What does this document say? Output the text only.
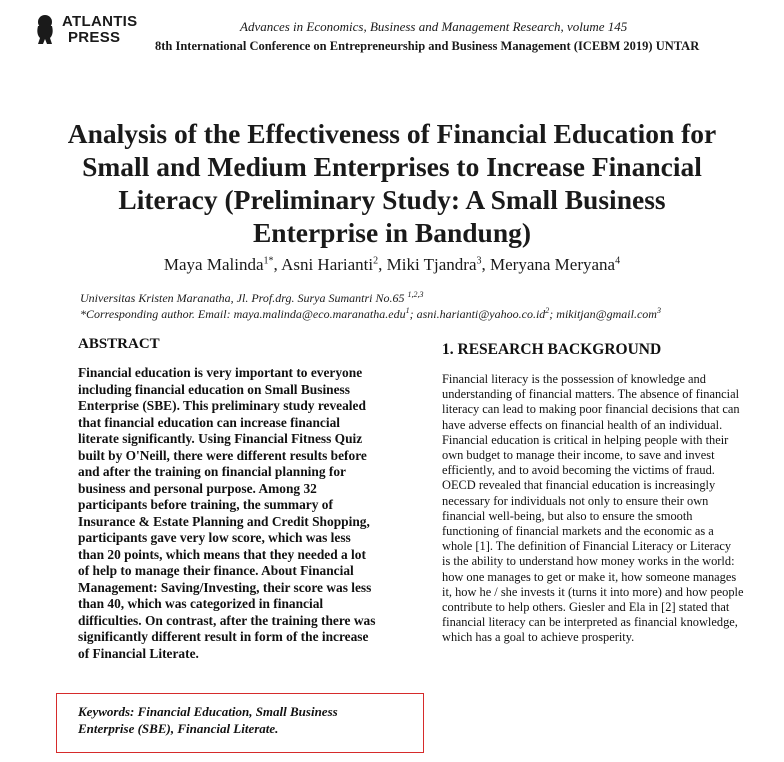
ATLANTIS
PRESS
Advances in Economics, Business and Management Research, volume 145
8th International Conference on Entrepreneurship and Business Management (ICEBM 2019) UNTAR
Analysis of the Effectiveness of Financial Education for
Small and Medium Enterprises to Increase Financial
Literacy (Preliminary Study: A Small Business
Enterprise in Bandung)
Maya Malinda$^{1*}$, Asni Harianti$^2$, Miki Tjandra$^3$, Meryana Meryana$^4$
Universitas Kristen Maranatha, Jl. Prof.drg. Surya Sumantri No.65 $^{1,2,3}$
*Corresponding author. Email: maya.malinda@eco.maranatha.edu$^1$; $asni.harianti@yahoo.co.id^2$; mikitjan@gmail.com$^3$
ABSTRACT
Financial education is very important to everyone
including financial education on Small Business
Enterprise (SBE). This preliminary study revealed
that financial education can increase financial
literate significantly. Using Financial Fitness Quiz
built by O'Neill, there were different results before
and after the training on financial planning for
business and personal purpose. Among 32
participants before training, the summary of
Insurance & Estate Planning and Credit Shopping,
participants gave very low score, which was less
than 20 points, which means that they needed a lot
of help to manage their finance. About Financial
Management: Saving/Investing, their score was less
than 40, which was categorized in financial
difficulties. On contrast, after the training there was
significantly different result in form of the increase
of Financial Literate.
Keywords: Financial Education, Small Business
Enterprise (SBE), Financial Literate.
1. RESEARCH BACKGROUND
Financial literacy is the possession of knowledge and
understanding of financial matters. The absence of financial
literacy can lead to making poor financial decisions that can
have adverse effects on financial health of an individual.
Financial education is critical in helping people with their
own budget to manage their income, to save and invest
efficiently, and to avoid becoming the victims of fraud.
OECD revealed that financial education is increasingly
necessary for individuals not only to ensure their own
financial well-being, but also to ensure the smooth
functioning of financial markets and the economic as a
whole [1]. The definition of Financial Literacy or Literacy
is the ability to understand how money works in the world:
how one manages to get or make it, how someone manages
it, how he / she invests it (turns it into more) and how people
contribute to help others. Giesler and Ela in [2] stated that
financial literacy can be interpreted as financial knowledge,
which has a goal to achieve prosperity.
